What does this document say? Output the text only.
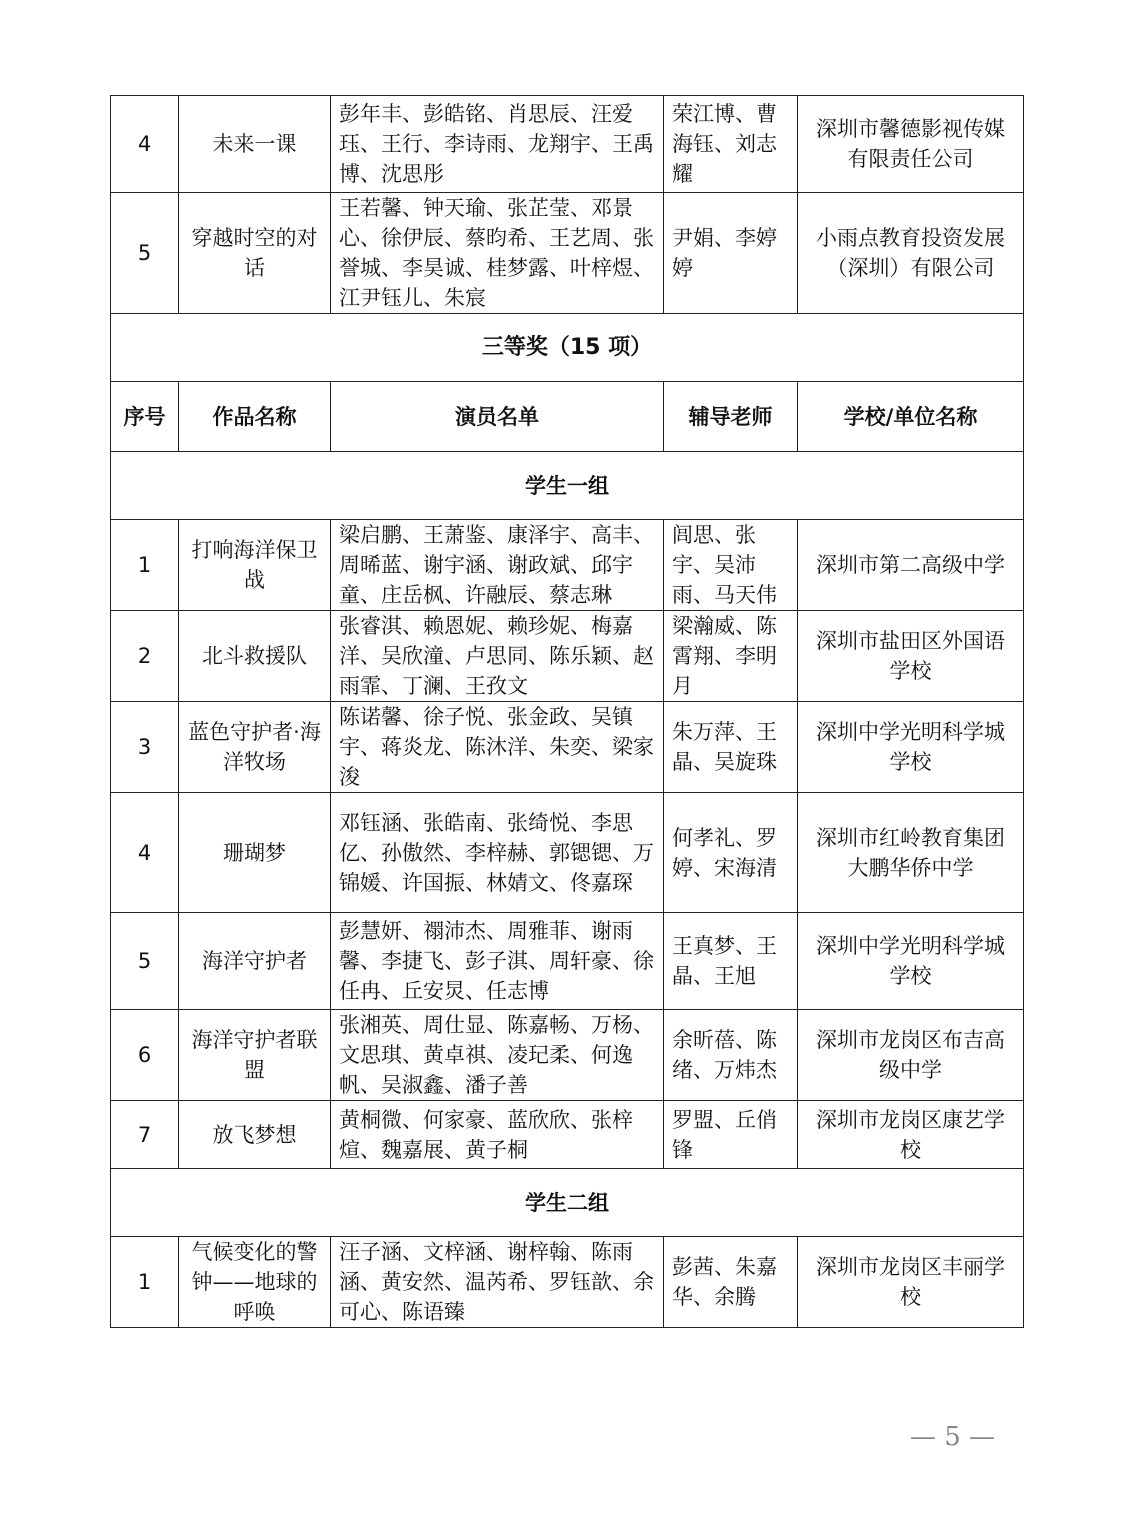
4	未来一课	彭年丰、彭皓铭、肖思辰、汪爱珏、王行、李诗雨、龙翔宇、王禹博、沈思彤	荣江博、曹海钰、刘志耀	深圳市馨德影视传媒有限责任公司
5	穿越时空的对话	王若馨、钟天瑜、张芷莹、邓景心、徐伊辰、蔡昀希、王艺周、张誉城、李昊诚、桂梦露、叶梓煜、江尹钰儿、朱宸	尹娟、李婷婷	小雨点教育投资发展（深圳）有限公司
三等奖（15 项）				
序号	作品名称	演员名单	辅导老师	学校/单位名称
学生一组				
1	打响海洋保卫战	梁启鹏、王萧鉴、康泽宇、高丰、周晞蓝、谢宇涵、谢政斌、邱宇童、庄岳枫、许融辰、蔡志琳	闾思、张宇、吴沛雨、马天伟	深圳市第二高级中学
2	北斗救援队	张睿淇、赖恩妮、赖珍妮、梅嘉洋、吴欣潼、卢思同、陈乐颖、赵雨霏、丁澜、王孜文	梁瀚威、陈霄翔、李明月	深圳市盐田区外国语学校
3	蓝色守护者·海洋牧场	陈诺馨、徐子悦、张金政、吴镇宇、蒋炎龙、陈沐洋、朱奕、梁家浚	朱万萍、王晶、吴旋珠	深圳中学光明科学城学校
4	珊瑚梦	邓钰涵、张皓南、张绮悦、李思亿、孙傲然、李梓赫、郭锶锶、万锦媛、许国振、林婧文、佟嘉琛	何孝礼、罗婷、宋海清	深圳市红岭教育集团大鹏华侨中学
5	海洋守护者	彭慧妍、禤沛杰、周雅菲、谢雨馨、李捷飞、彭子淇、周轩豪、徐任冉、丘安炅、任志博	王真梦、王晶、王旭	深圳中学光明科学城学校
6	海洋守护者联盟	张湘英、周仕显、陈嘉畅、万杨、文思琪、黄卓祺、凌玘柔、何逸帆、吴淑鑫、潘子善	余昕蓓、陈绪、万炜杰	深圳市龙岗区布吉高级中学
7	放飞梦想	黄桐微、何家豪、蓝欣欣、张梓煊、魏嘉展、黄子桐	罗盟、丘俏锋	深圳市龙岗区康艺学校
学生二组				
1	气候变化的警钟——地球的呼唤	汪子涵、文梓涵、谢梓翰、陈雨涵、黄安然、温芮希、罗钰歆、余可心、陈语臻	彭茜、朱嘉华、余腾	深圳市龙岗区丰丽学校
— 5 —
